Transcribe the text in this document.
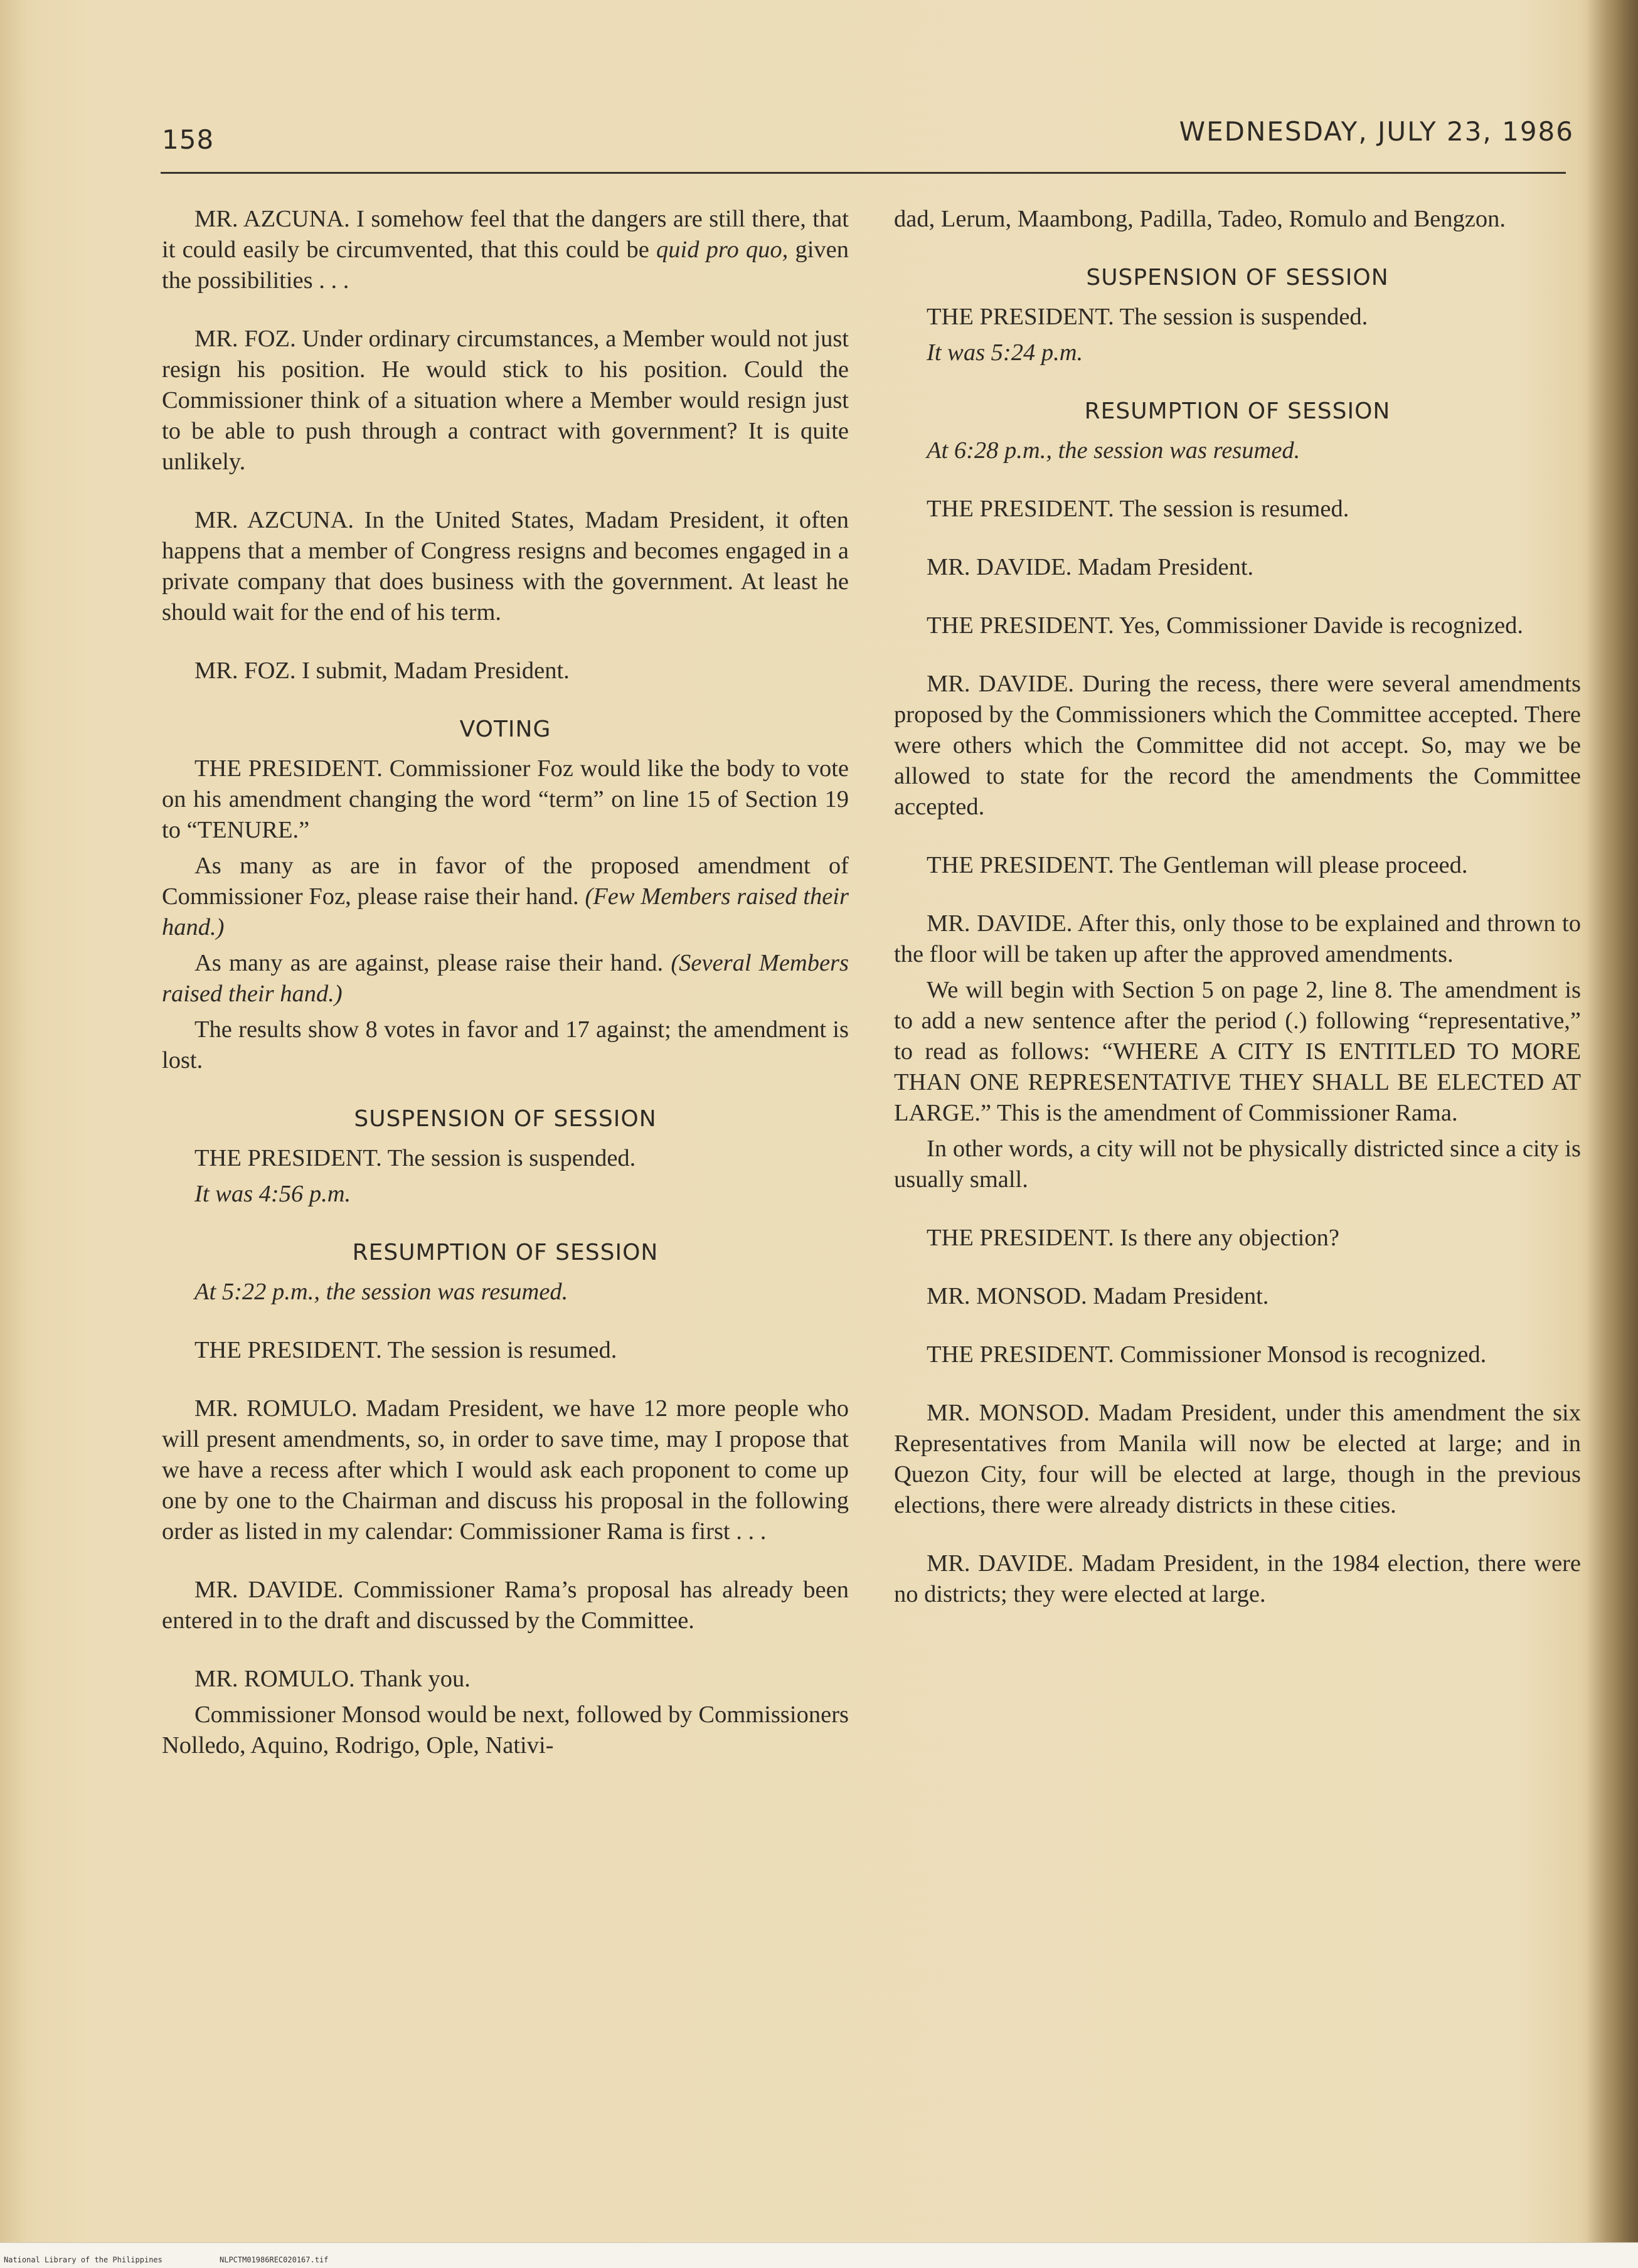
158	WEDNESDAY, JULY 23, 1986

MR. AZCUNA. I somehow feel that the dangers are still there, that it could easily be circumvented, that this could be quid pro quo, given the possibilities . . .

MR. FOZ. Under ordinary circumstances, a Member would not just resign his position. He would stick to his position. Could the Commissioner think of a situation where a Member would resign just to be able to push through a contract with government? It is quite unlikely.

MR. AZCUNA. In the United States, Madam President, it often happens that a member of Congress resigns and becomes engaged in a private company that does business with the government. At least he should wait for the end of his term.

MR. FOZ. I submit, Madam President.

VOTING

THE PRESIDENT. Commissioner Foz would like the body to vote on his amendment changing the word “term” on line 15 of Section 19 to “TENURE.”

As many as are in favor of the proposed amendment of Commissioner Foz, please raise their hand. (Few Members raised their hand.)

As many as are against, please raise their hand. (Several Members raised their hand.)

The results show 8 votes in favor and 17 against; the amendment is lost.

SUSPENSION OF SESSION

THE PRESIDENT. The session is suspended.

It was 4:56 p.m.

RESUMPTION OF SESSION

At 5:22 p.m., the session was resumed.

THE PRESIDENT. The session is resumed.

MR. ROMULO. Madam President, we have 12 more people who will present amendments, so, in order to save time, may I propose that we have a recess after which I would ask each proponent to come up one by one to the Chairman and discuss his proposal in the following order as listed in my calendar: Commissioner Rama is first . . .

MR. DAVIDE. Commissioner Rama’s proposal has already been entered in to the draft and discussed by the Committee.

MR. ROMULO. Thank you.

Commissioner Monsod would be next, followed by Commissioners Nolledo, Aquino, Rodrigo, Ople, Nativi-

dad, Lerum, Maambong, Padilla, Tadeo, Romulo and Bengzon.

SUSPENSION OF SESSION

THE PRESIDENT. The session is suspended.

It was 5:24 p.m.

RESUMPTION OF SESSION

At 6:28 p.m., the session was resumed.

THE PRESIDENT. The session is resumed.

MR. DAVIDE. Madam President.

THE PRESIDENT. Yes, Commissioner Davide is recognized.

MR. DAVIDE. During the recess, there were several amendments proposed by the Commissioners which the Committee accepted. There were others which the Committee did not accept. So, may we be allowed to state for the record the amendments the Committee accepted.

THE PRESIDENT. The Gentleman will please proceed.

MR. DAVIDE. After this, only those to be explained and thrown to the floor will be taken up after the approved amendments.

We will begin with Section 5 on page 2, line 8. The amendment is to add a new sentence after the period (.) following “representative,” to read as follows: “WHERE A CITY IS ENTITLED TO MORE THAN ONE REPRESENTATIVE THEY SHALL BE ELECTED AT LARGE.” This is the amendment of Commissioner Rama.

In other words, a city will not be physically districted since a city is usually small.

THE PRESIDENT. Is there any objection?

MR. MONSOD. Madam President.

THE PRESIDENT. Commissioner Monsod is recognized.

MR. MONSOD. Madam President, under this amendment the six Representatives from Manila will now be elected at large; and in Quezon City, four will be elected at large, though in the previous elections, there were already districts in these cities.

MR. DAVIDE. Madam President, in the 1984 election, there were no districts; they were elected at large.

National Library of the Philippines	NLPCTM01986REC020167.tif
